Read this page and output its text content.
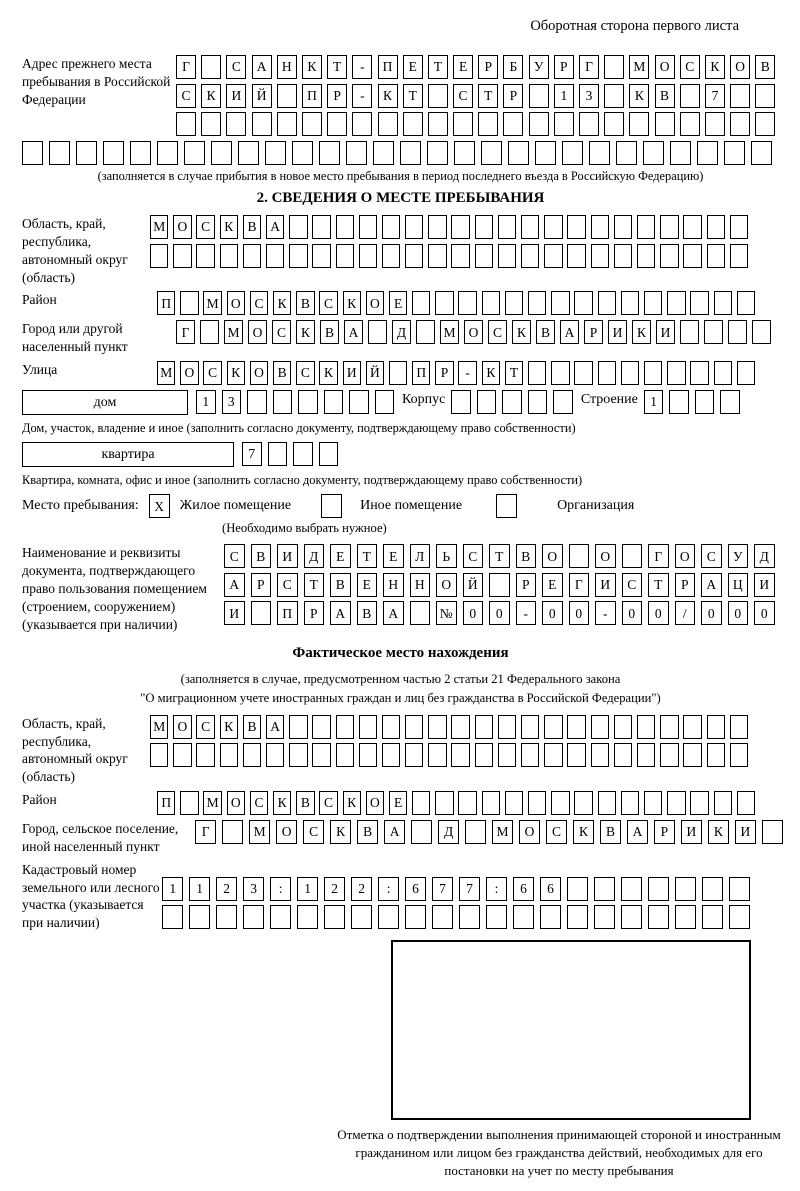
Оборотная сторона первого листа
Адрес прежнего места пребывания в Российской Федерации
Г	С	А	Н	К	Т	-	П	Е	Т	Е	Р	Б	У	Р	Г	М	О	С	К	О	В
С	К	И	Й	П	Р	-	К	Т	С	Т	Р	1	3	К	В	7
(заполняется в случае прибытия в новое место пребывания в период последнего въезда в Российскую Федерацию)
2. СВЕДЕНИЯ О МЕСТЕ ПРЕБЫВАНИЯ
Область, край, республика, автономный округ (область)
М О	С	К	В	А
Район	П	М О	С	К	В	С	К	О	Е
Город или другой населенный пункт
Г	М О	С	К	В	А	Д	М О	С	К	В	А	Р	И	К	И
Улица	М О	С	К	О	В	С	К	И Й	П	Р	-	К	Т
дом	1	3	Корпус	Строение 1
Дом, участок, владение и иное (заполнить согласно документу, подтверждающему право собственности)
квартира	7
Квартира, комната, офис и иное (заполнить согласно документу, подтверждающему право собственности)
Место пребывания:	X	Жилое помещение	Иное помещение	Организация
(Необходимо выбрать нужное)
Наименование и реквизиты документа, подтверждающего право пользования помещением (строением, сооружением) (указывается при наличии)
С	В	И	Д	Е	Т	Е	Л	Ь	С	Т	В	О	О	Г	О	С	У	Д
А	Р	С	Т	В	Е	Н	Н	О	Й	Р	Е	Г	И	С	Т	Р	А	Ц	И
И	П	Р	А	В	А	№	0	0	-	0	0	-	0	0	/	0	0	0
Фактическое место нахождения
(заполняется в случае, предусмотренном частью 2 статьи 21 Федерального закона
"О миграционном учете иностранных граждан и лиц без гражданства в Российской Федерации")
Область, край, республика, автономный округ (область)
М О	С	К	В	А
Район	П	М О	С	К	В	С	К	О	Е
Город, сельское поселение, иной населенный пункт
Г	М	О	С	К	В	А	Д	М	О	С	К	В	А	Р	И	К	И
Кадастровый номер земельного или лесного участка (указывается при наличии)
1	1	2	3	:	1	2	2	:	6	7	7	:	6	6
Отметка о подтверждении выполнения принимающей стороной и иностранным гражданином или лицом без гражданства действий, необходимых для его постановки на учет по месту пребывания
